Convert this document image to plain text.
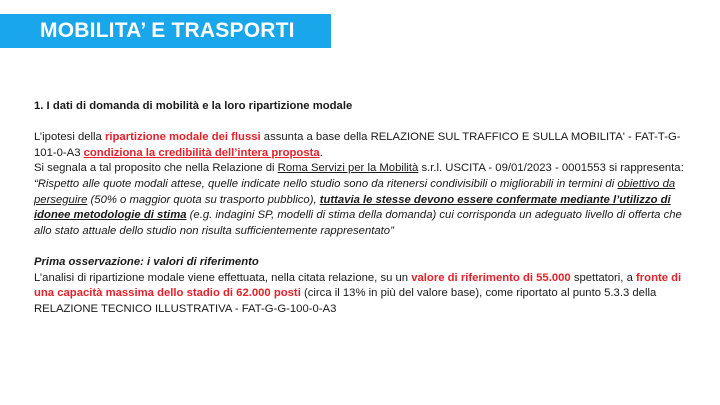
MOBILITA’ E TRASPORTI
1. I dati di domanda di mobilità e la loro ripartizione modale

L’ipotesi della ripartizione modale dei flussi assunta a base della RELAZIONE SUL TRAFFICO E SULLA MOBILITA' - FAT-T-G-101-0-A3 condiziona la credibilità dell’intera proposta.

Si segnala a tal proposito che nella Relazione di Roma Servizi per la Mobilità s.r.l. USCITA - 09/01/2023 - 0001553 si rappresenta:

“Rispetto alle quote modali attese, quelle indicate nello studio sono da ritenersi condivisibili o migliorabili in termini di obiettivo da perseguire (50% o maggior quota su trasporto pubblico), tuttavia le stesse devono essere confermate mediante l’utilizzo di idonee metodologie di stima (e.g. indagini SP, modelli di stima della domanda) cui corrisponda un adeguato livello di offerta che allo stato attuale dello studio non risulta sufficientemente rappresentato”

Prima osservazione: i valori di riferimento

L’analisi di ripartizione modale viene effettuata, nella citata relazione, su un valore di riferimento di 55.000 spettatori, a fronte di una capacità massima dello stadio di 62.000 posti (circa il 13% in più del valore base), come riportato al punto 5.3.3 della RELAZIONE TECNICO ILLUSTRATIVA - FAT-G-G-100-0-A3
